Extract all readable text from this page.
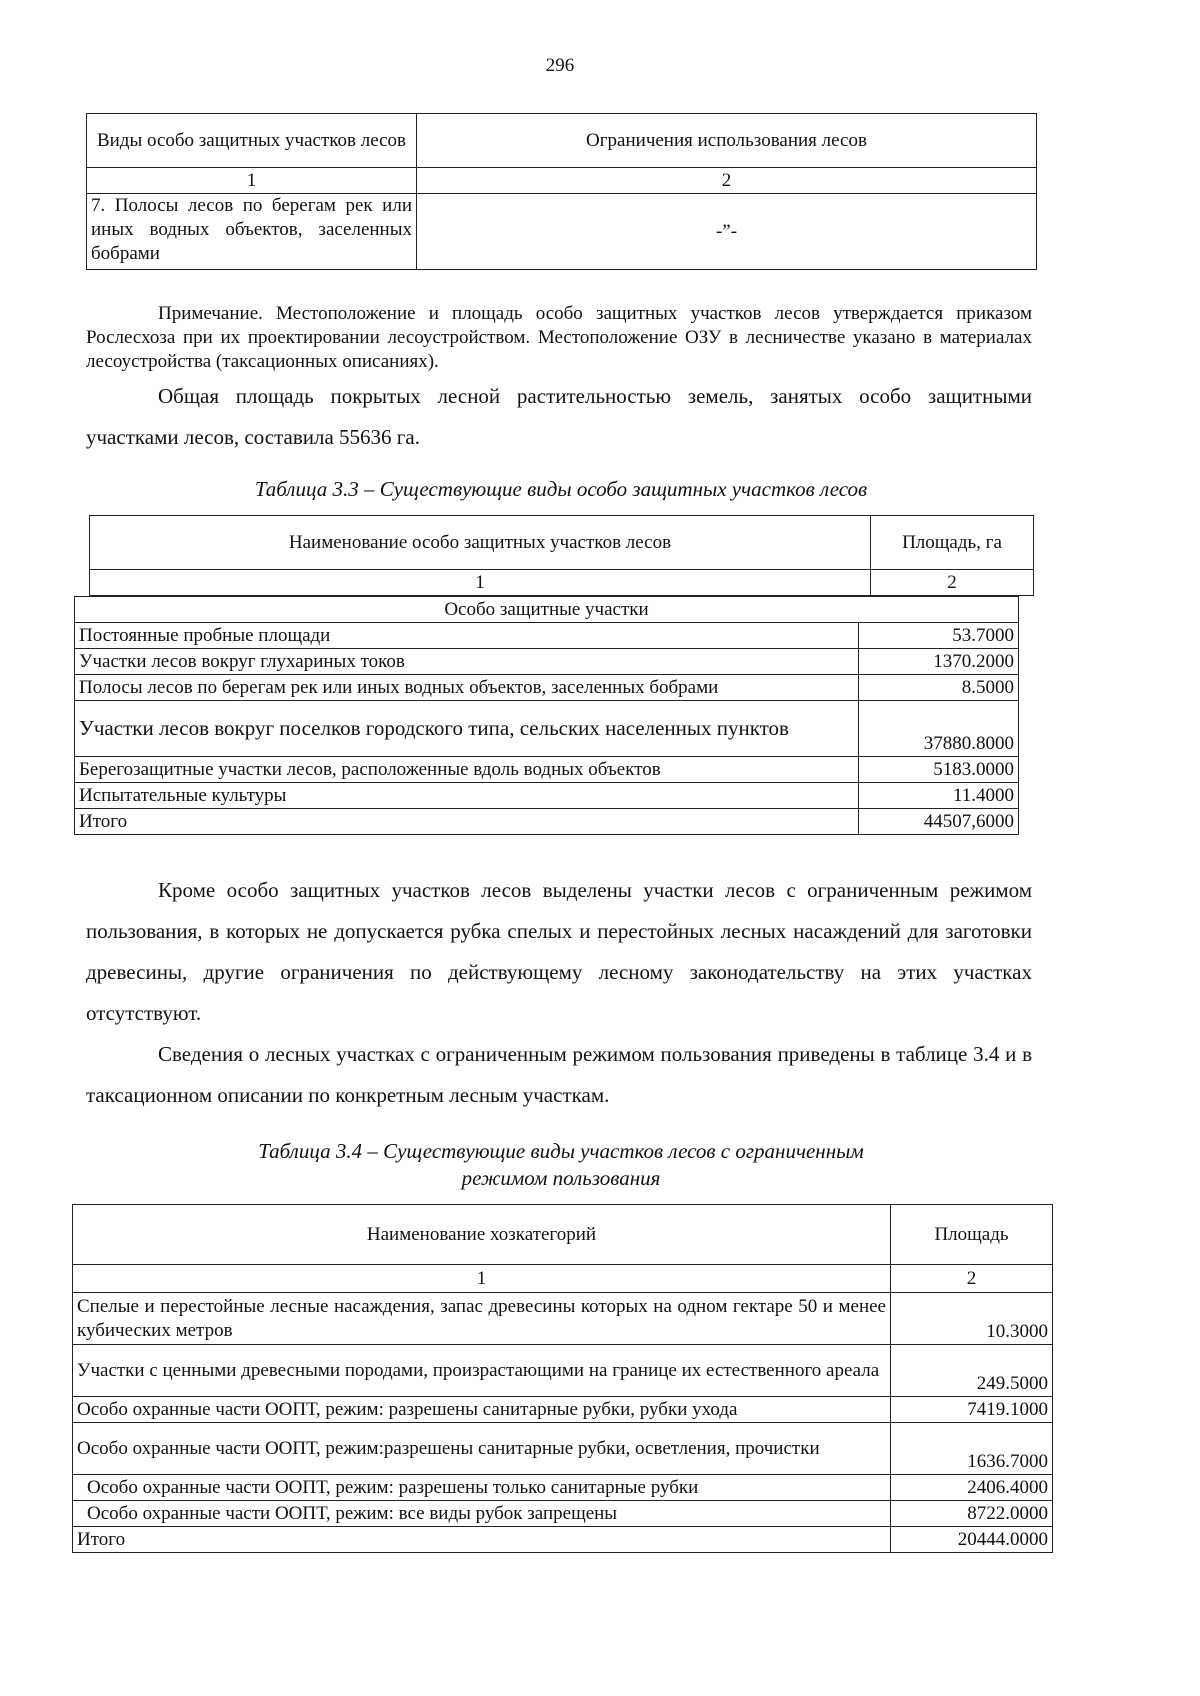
296
Виды особо защитных участков лесов	Ограничения использования лесов
1	2
7. Полосы лесов по берегам рек или иных водных объектов, заселенных бобрами	-”-
Примечание. Местоположение и площадь особо защитных участков лесов утверждается приказом Рослесхоза при их проектировании лесоустройством. Местоположение ОЗУ в лесничестве указано в материалах лесоустройства (таксационных описаниях).
Общая площадь покрытых лесной растительностью земель, занятых особо защитными участками лесов, составила 55636 га.
Таблица 3.3 – Существующие виды особо защитных участков лесов
Наименование особо защитных участков лесов	Площадь, га
1	2
Особо защитные участки	
Постоянные пробные площади	53.7000
Участки лесов вокруг глухариных токов	1370.2000
Полосы лесов по берегам рек или иных водных объектов, заселенных бобрами	8.5000
Участки лесов вокруг поселков городского типа, сельских населенных пунктов	37880.8000
Берегозащитные участки лесов, расположенные вдоль водных объектов	5183.0000
Испытательные культуры	11.4000
Итого	44507,6000
Кроме особо защитных участков лесов выделены участки лесов с ограниченным режимом пользования, в которых не допускается рубка спелых и перестойных лесных насаждений для заготовки древесины, другие ограничения по действующему лесному законодательству на этих участках отсутствуют.
Сведения о лесных участках с ограниченным режимом пользования приведены в таблице 3.4 и в таксационном описании по конкретным лесным участкам.
Таблица 3.4 – Существующие виды участков лесов с ограниченным
режимом пользования
Наименование хозкатегорий	Площадь
1	2
Спелые и перестойные лесные насаждения, запас древесины которых на одном гектаре 50 и менее кубических метров	10.3000
Участки с ценными древесными породами, произрастающими на границе их естественного ареала	249.5000
Особо охранные части ООПТ, режим: разрешены санитарные рубки, рубки ухода	7419.1000
Особо охранные части ООПТ, режим:разрешены санитарные рубки, осветления, прочистки	1636.7000
Особо охранные части ООПТ, режим: разрешены только санитарные рубки	2406.4000
Особо охранные части ООПТ, режим: все виды рубок запрещены	8722.0000
Итого	20444.0000
